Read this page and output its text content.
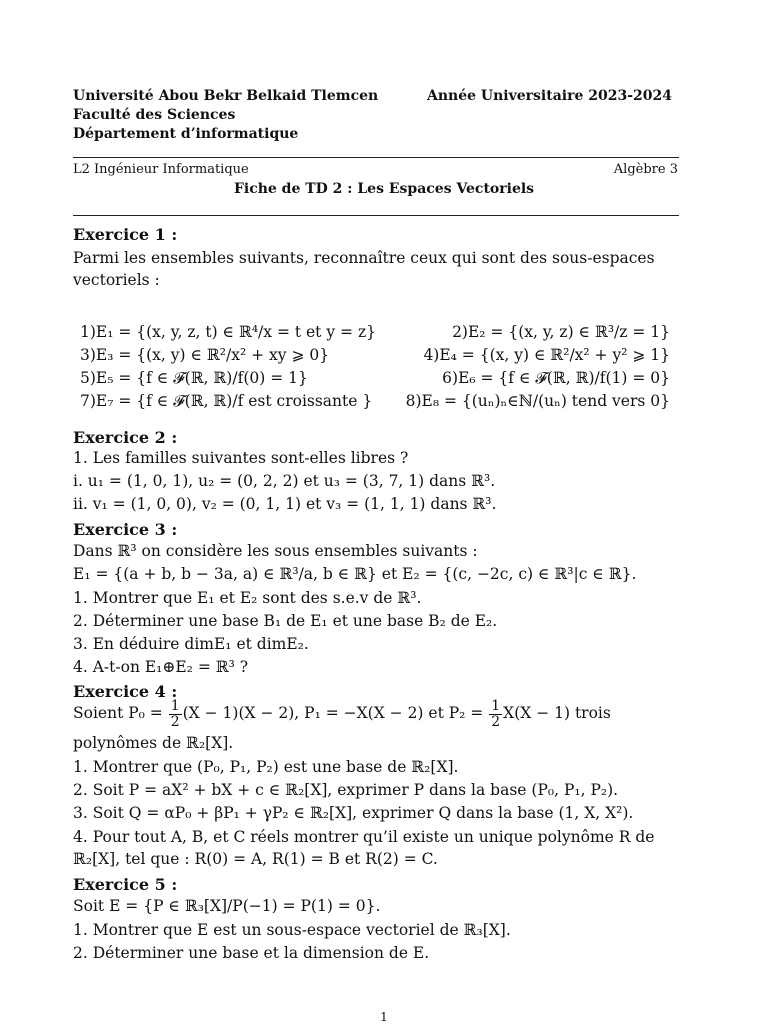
Université Abou Bekr Belkaid Tlemcen
Faculté des Sciences
Département d’informatique
Année Universitaire 2023-2024
L2 Ingénieur Informatique	Algèbre 3
Fiche de TD 2 : Les Espaces Vectoriels
Exercice 1 :
Parmi les ensembles suivants, reconnaître ceux qui sont des sous-espaces vectoriels :
1)E₁ = {(x, y, z, t) ∈ ℝ⁴/x = t et y = z}	2)E₂ = {(x, y, z) ∈ ℝ³/z = 1}
3)E₃ = {(x, y) ∈ ℝ²/x² + xy ⩾ 0}	4)E₄ = {(x, y) ∈ ℝ²/x² + y² ⩾ 1}
5)E₅ = {f ∈ 𝓕(ℝ, ℝ)/f(0) = 1}	6)E₆ = {f ∈ 𝓕(ℝ, ℝ)/f(1) = 0}
7)E₇ = {f ∈ 𝓕(ℝ, ℝ)/f est croissante } 8)E₈ = {(uₙ)ₙ∈ℕ/(uₙ) tend vers 0}
Exercice 2 :
1. Les familles suivantes sont-elles libres ?
i. u₁ = (1, 0, 1), u₂ = (0, 2, 2) et u₃ = (3, 7, 1) dans ℝ³.
ii. v₁ = (1, 0, 0), v₂ = (0, 1, 1) et v₃ = (1, 1, 1) dans ℝ³.
Exercice 3 :
Dans ℝ³ on considère les sous ensembles suivants :
E₁ = {(a + b, b − 3a, a) ∈ ℝ³/a, b ∈ ℝ} et E₂ = {(c, −2c, c) ∈ ℝ³|c ∈ ℝ}.
1. Montrer que E₁ et E₂ sont des s.e.v de ℝ³.
2. Déterminer une base B₁ de E₁ et une base B₂ de E₂.
3. En déduire dimE₁ et dimE₂.
4. A-t-on E₁⊕E₂ = ℝ³ ?
Exercice 4 :
Soient $P_0 = \frac{1}{2} (X - 1)(X - 2)$, P₁ = −X(X − 2) et $P_2 = \frac{1}{2} X(X - 1)$ trois
polynômes de ℝ₂[X].
1. Montrer que (P₀, P₁, P₂) est une base de ℝ₂[X].
2. Soit P = aX² + bX + c ∈ ℝ₂[X], exprimer P dans la base (P₀, P₁, P₂).
3. Soit Q = αP₀ + βP₁ + γP₂ ∈ ℝ₂[X], exprimer Q dans la base (1, X, X²).
4. Pour tout A, B, et C réels montrer qu’il existe un unique polynôme R de ℝ₂[X], tel que : R(0) = A, R(1) = B et R(2) = C.
Exercice 5 :
Soit E = {P ∈ ℝ₃[X]/P(−1) = P(1) = 0}.
1. Montrer que E est un sous-espace vectoriel de ℝ₃[X].
2. Déterminer une base et la dimension de E.
1
